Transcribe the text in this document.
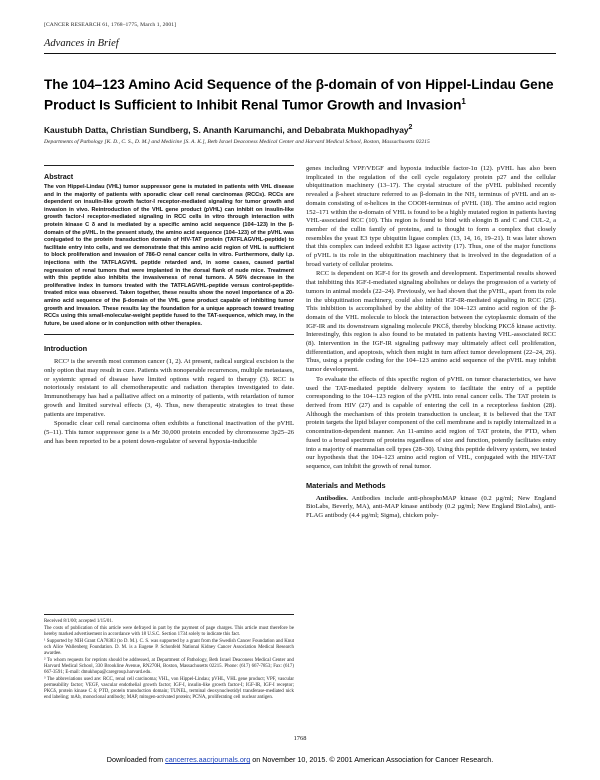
[CANCER RESEARCH 61, 1768–1775, March 1, 2001]
Advances in Brief
The 104–123 Amino Acid Sequence of the β-domain of von Hippel-Lindau Gene Product Is Sufficient to Inhibit Renal Tumor Growth and Invasion$^1$
Kaustubh Datta, Christian Sundberg, S. Ananth Karumanchi, and Debabrata Mukhopadhyay$^2$
Departments of Pathology [K. D., C. S., D. M.] and Medicine [S. A. K.], Beth Israel Deaconess Medical Center and Harvard Medical School, Boston, Massachusetts 02215
Abstract

The von Hippel-Lindau (VHL) tumor suppressor gene is mutated in patients with VHL disease and in the majority of patients with sporadic clear cell renal carcinomas (RCCs). RCCs are dependent on insulin-like growth factor-I receptor-mediated signaling for tumor growth and invasion in vivo. Reintroduction of the VHL gene product (pVHL) can inhibit on insulin-like growth factor-I receptor-mediated signaling in RCC cells in vitro through interaction with protein kinase C δ and is mediated by a specific amino acid sequence (104–123) in the β-domain of the pVHL. In the present study, the amino acid sequence (104–123) of the pVHL was conjugated to the protein transduction domain of HIV-TAT protein (TATFLAGVHL-peptide) to facilitate entry into cells, and we demonstrate that this amino acid region of VHL is sufficient to block proliferation and invasion of 786-O renal cancer cells in vitro. Furthermore, daily i.p. injections with the TATFLAGVHL peptide retarded and, in some cases, caused partial regression of renal tumors that were implanted in the dorsal flank of nude mice. Treatment with this peptide also inhibits the invasiveness of renal tumors. A 56% decrease in the proliferative index in tumors treated with the TATFLAGVHL-peptide versus control-peptide-treated mice was observed. Taken together, these results show the novel importance of a 20-amino acid sequence of the β-domain of the VHL gene product capable of inhibiting tumor growth and invasion. These results lay the foundation for a unique approach toward treating RCCs using this small-molecular-weight peptide fused to the TAT-sequence, which may, in the future, be used alone or in conjunction with other therapies.

Introduction

RCC³ is the seventh most common cancer (1, 2). At present, radical surgical excision is the only option that may result in cure. Patients with nonoperable recurrences, multiple metastases, or systemic spread of disease have limited options with regard to therapy (3). RCC is notoriously resistant to all chemotherapeutic and radiation therapies investigated to date. Immunotherapy has had a palliative affect on a minority of patients, with retardation of tumor growth and limited survival effects (3, 4). Thus, new therapeutic strategies to treat these patients are imperative.

Sporadic clear cell renal carcinoma often exhibits a functional inactivation of the pVHL (5–11). This tumor suppressor gene is a Mr 30,000 protein encoded by chromosome 3p25–26 and has been reported to be a potent down-regulator of several hypoxia-inducible

Received 8/1/00; accepted 1/15/01.

The costs of publication of this article were defrayed in part by the payment of page charges. This article must therefore be hereby marked advertisement in accordance with 18 U.S.C. Section 1734 solely to indicate this fact.

¹ Supported by NIH Grant CA78383 (to D. M.). C. S. was supported by a grant from the Swedish Cancer Foundation and Knut och Alice Wallenberg Foundation. D. M. is a Eugene P. Schonfeld National Kidney Cancer Association Medical Research awardee.

² To whom requests for reprints should be addressed, at Department of Pathology, Beth Israel Deaconess Medical Center and Harvard Medical School, 330 Brookline Avenue, RN270H, Boston, Massachusetts 02215. Phone: (617) 667-7853; Fax: (617) 667-3591; E-mail: dmukhopa@caregroup.harvard.edu.

³ The abbreviations used are: RCC, renal cell carcinoma; VHL, von Hippel-Lindau; pVHL, VHL gene product; VPF, vascular permeability factor; VEGF, vascular endothelial growth factor; IGF-I, insulin-like growth factor-I; IGF-IR, IGF-I receptor; PKCδ, protein kinase C δ; PTD, protein transduction domain; TUNEL, terminal deoxynucleotidyl transferase-mediated nick end labeling; mAb, monoclonal antibody; MAP, mitogen-activated protein; PCNA, proliferating cell nuclear antigen.

genes including VPF/VEGF and hypoxia inducible factor-1α (12). pVHL has also been implicated in the regulation of the cell cycle regulatory protein p27 and the cellular ubiquitination machinery (13–17). The crystal structure of the pVHL published recently revealed a β-sheet structure referred to as β-domain in the NH₂ terminus of pVHL and an α-domain consisting of α-helices in the COOH-terminus of pVHL (18). The amino acid region 152–171 within the α-domain of VHL is found to be a highly mutated region in patients having VHL-associated RCC (10). This region is found to bind with elongin B and C and CUL-2, a member of the cullin family of proteins, and is thought to form a complex that closely resembles the yeast E3 type ubiquitin ligase complex (13, 14, 16, 19–21). It was later shown that this complex can indeed exhibit E3 ligase activity (17). Thus, one of the major functions of pVHL is its role in the ubiquitination machinery that is involved in the degradation of a broad variety of cellular proteins.

RCC is dependent on IGF-I for its growth and development. Experimental results showed that inhibiting this IGF-I-mediated signaling abolishes or delays the progression of a variety of tumors in animal models (22–24). Previously, we had shown that the pVHL, apart from its role in the ubiquitination machinery, could also inhibit IGF-IR-mediated signaling in RCC (25). This inhibition is accomplished by the ability of the 104–123 amino acid region of the β-domain of the VHL molecule to block the interaction between the cytoplasmic domain of the IGF-IR and its downstream signaling molecule PKCδ, thereby blocking PKCδ kinase activity. Interestingly, this region is also found to be mutated in patients having VHL-associated RCC (8). Intervention in the IGF-IR signaling pathway may ultimately affect cell proliferation, differentiation, and apoptosis, which then might in turn affect tumor development (22–24, 26). Thus, using a peptide coding for the 104–123 amino acid sequence of the pVHL may inhibit tumor development.

To evaluate the effects of this specific region of pVHL on tumor characteristics, we have used the TAT-mediated peptide delivery system to facilitate the entry of a peptide corresponding to the 104–123 region of the pVHL into renal cancer cells. The TAT protein is derived from HIV (27) and is capable of entering the cell in a receptorless fashion (28). Although the mechanism of this protein transduction is unclear, it is believed that the TAT protein targets the lipid bilayer component of the cell membrane and is rapidly internalized in a concentration-dependent manner. An 11-amino acid region of TAT protein, the PTD, when fused to a broad spectrum of proteins regardless of size and function, potently facilitates entry into a majority of mammalian cell types (28–30). Using this peptide delivery system, we tested our hypothesis that the 104–123 amino acid region of VHL, conjugated with the HIV-TAT sequence, can inhibit the growth of renal tumor.

Materials and Methods

Antibodies. Antibodies include anti-phosphoMAP kinase (0.2 µg/ml; New England BioLabs, Beverly, MA), anti-MAP kinase antibody (0.2 µg/ml; New England BioLabs), anti-FLAG antibody (4.4 µg/ml; Sigma), chicken poly-

1768
Downloaded from cancerres.aacrjournals.org on November 10, 2015. © 2001 American Association for Cancer Research.
